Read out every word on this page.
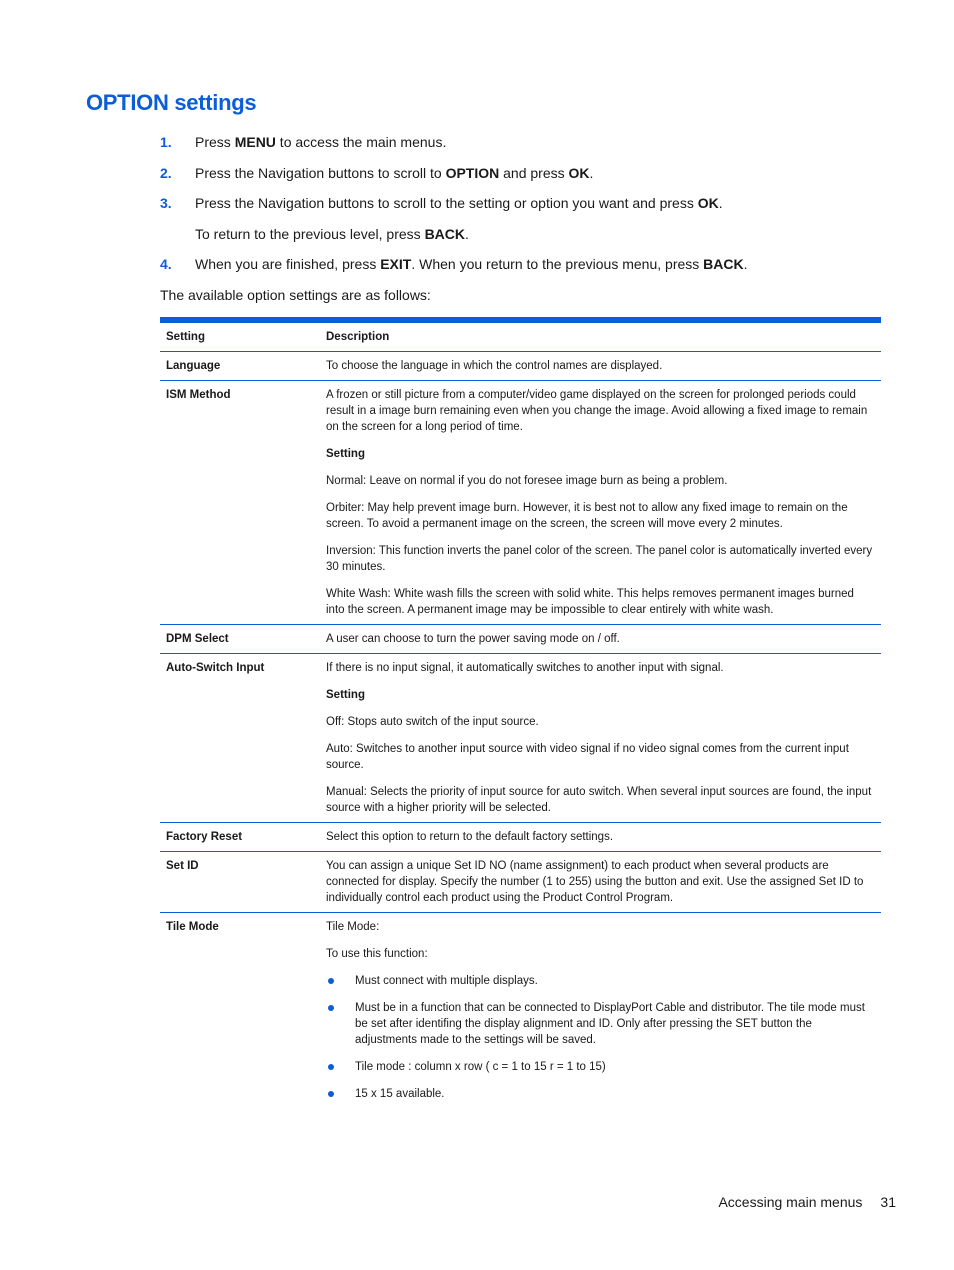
OPTION settings
1. Press MENU to access the main menus.
2. Press the Navigation buttons to scroll to OPTION and press OK.
3. Press the Navigation buttons to scroll to the setting or option you want and press OK.
To return to the previous level, press BACK.
4. When you are finished, press EXIT. When you return to the previous menu, press BACK.

The available option settings are as follows:

Setting	Description
Language	To choose the language in which the control names are displayed.

ISM Method	A frozen or still picture from a computer/video game displayed on the screen for prolonged periods could result in a image burn remaining even when you change the image. Avoid allowing a fixed image to remain on the screen for a long period of time.

Setting

Normal: Leave on normal if you do not foresee image burn as being a problem.

Orbiter: May help prevent image burn. However, it is best not to allow any fixed image to remain on the screen. To avoid a permanent image on the screen, the screen will move every 2 minutes.

Inversion: This function inverts the panel color of the screen. The panel color is automatically inverted every 30 minutes.

White Wash: White wash fills the screen with solid white. This helps removes permanent images burned into the screen. A permanent image may be impossible to clear entirely with white wash.

DPM Select	A user can choose to turn the power saving mode on / off.

Auto-Switch Input	If there is no input signal, it automatically switches to another input with signal.

Setting

Off: Stops auto switch of the input source.

Auto: Switches to another input source with video signal if no video signal comes from the current input source.

Manual: Selects the priority of input source for auto switch. When several input sources are found, the input source with a higher priority will be selected.

Factory Reset	Select this option to return to the default factory settings.

Set ID	You can assign a unique Set ID NO (name assignment) to each product when several products are connected for display. Specify the number (1 to 255) using the button and exit. Use the assigned Set ID to individually control each product using the Product Control Program.

Tile Mode	Tile Mode:

To use this function:

Must connect with multiple displays.
Must be in a function that can be connected to DisplayPort Cable and distributor. The tile mode must be set after identifing the display alignment and ID. Only after pressing the SET button the adjustments made to the settings will be saved.
Tile mode : column x row ( c = 1 to 15 r = 1 to 15)
15 x 15 available.
Accessing main menus 31
